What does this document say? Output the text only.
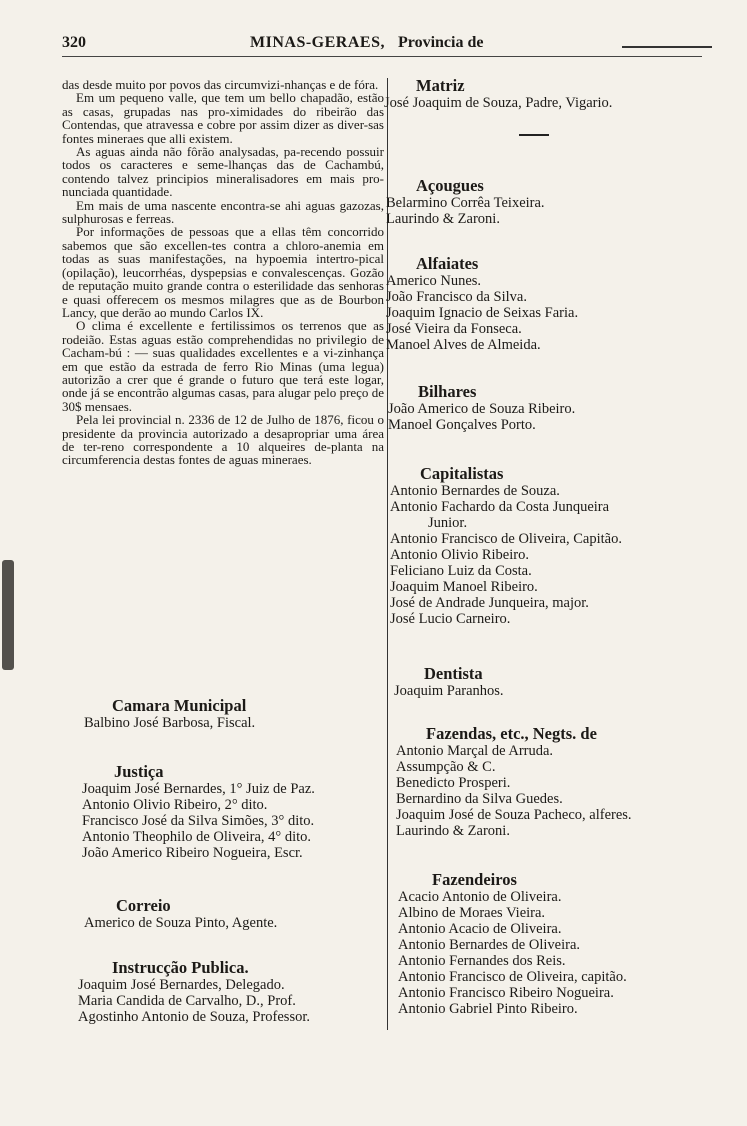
320	MINAS-GERAES, Provincia de

das desde muito por povos das circumvizi-nhanças e de fóra.

Em um pequeno valle, que tem um bello chapadão, estão as casas, grupadas nas pro-ximidades do ribeirão das Contendas, que atravessa e cobre por assim dizer as diver-sas fontes mineraes que alli existem.

As aguas ainda não fôrão analysadas, pa-recendo possuir todos os caracteres e seme-lhanças das de Cachambú, contendo talvez principios mineralisadores em mais pro-nunciada quantidade.

Em mais de uma nascente encontra-se ahi aguas gazozas, sulphurosas e ferreas.

Por informações de pessoas que a ellas têm concorrido sabemos que são excellen-tes contra a chloro-anemia em todas as suas manifestações, na hypoemia intertro-pical (opilação), leucorrhéas, dyspepsias e convalescenças. Gozão de reputação muito grande contra o esterilidade das senhoras e quasi offerecem os mesmos milagres que as de Bourbon Lancy, que derão ao mundo Carlos IX.

O clima é excellente e fertilissimos os terrenos que as rodeião. Estas aguas estão comprehendidas no privilegio de Cacham-bú : — suas qualidades excellentes e a vi-zinhança em que estão da estrada de ferro Rio Minas (uma legua) autorizão a crer que é grande o futuro que terá este logar, onde já se encontrão algumas casas, para alugar pelo preço de 30$ mensaes.

Pela lei provincial n. 2336 de 12 de Julho de 1876, ficou o presidente da provincia autorizado a desapropriar uma área de ter-reno correspondente a 10 alqueires de-planta na circumferencia destas fontes de aguas mineraes.

Camara Municipal
Balbino José Barbosa, Fiscal.
Justiça
Joaquim José Bernardes, 1° Juiz de Paz.
Antonio Olivio Ribeiro, 2° dito.
Francisco José da Silva Simões, 3° dito.
Antonio Theophilo de Oliveira, 4° dito.
João Americo Ribeiro Nogueira, Escr.
Correio
Americo de Souza Pinto, Agente.
Instrucção Publica.
Joaquim José Bernardes, Delegado.
Maria Candida de Carvalho, D., Prof.
Agostinho Antonio de Souza, Professor.
Matriz
José Joaquim de Souza, Padre, Vigario.
Açougues
Belarmino Corrêa Teixeira.
Laurindo & Zaroni.
Alfaiates
Americo Nunes.
João Francisco da Silva.
Joaquim Ignacio de Seixas Faria.
José Vieira da Fonseca.
Manoel Alves de Almeida.
Bilhares
João Americo de Souza Ribeiro.
Manoel Gonçalves Porto.
Capitalistas
Antonio Bernardes de Souza.
Antonio Fachardo da Costa Junqueira
Junior.
Antonio Francisco de Oliveira, Capitão.
Antonio Olivio Ribeiro.
Feliciano Luiz da Costa.
Joaquim Manoel Ribeiro.
José de Andrade Junqueira, major.
José Lucio Carneiro.
Dentista
Joaquim Paranhos.
Fazendas, etc., Negts. de
Antonio Marçal de Arruda.
Assumpção & C.
Benedicto Prosperi.
Bernardino da Silva Guedes.
Joaquim José de Souza Pacheco, alferes.
Laurindo & Zaroni.
Fazendeiros
Acacio Antonio de Oliveira.
Albino de Moraes Vieira.
Antonio Acacio de Oliveira.
Antonio Bernardes de Oliveira.
Antonio Fernandes dos Reis.
Antonio Francisco de Oliveira, capitão.
Antonio Francisco Ribeiro Nogueira.
Antonio Gabriel Pinto Ribeiro.
